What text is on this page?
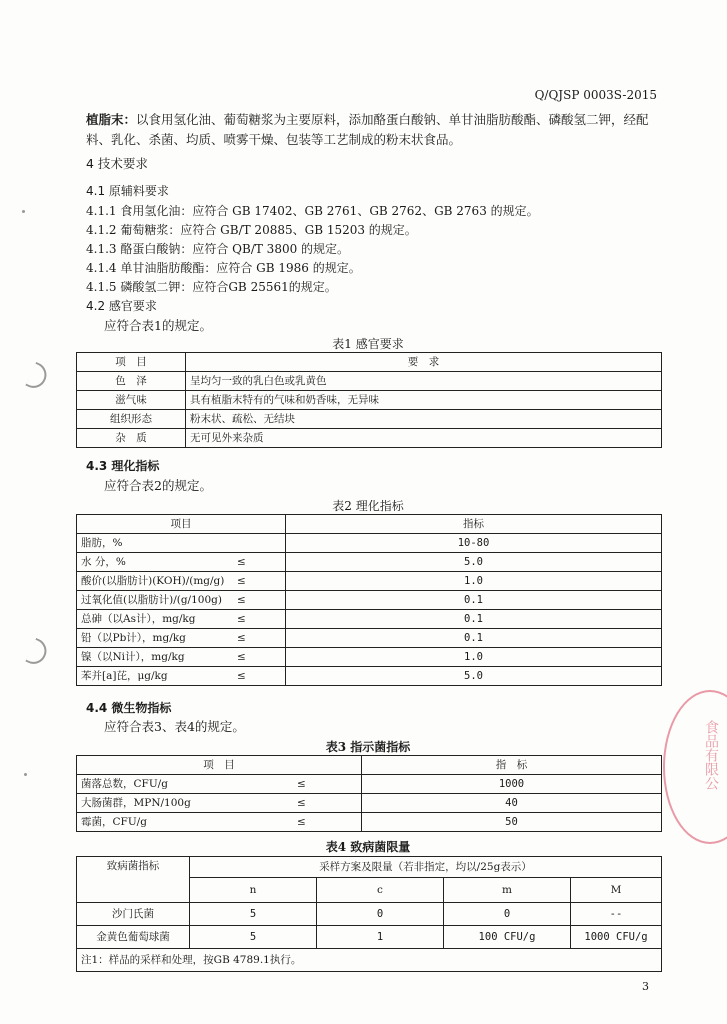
Q/QJSP 0003S-2015
植脂末：以食用氢化油、葡萄糖浆为主要原料，添加酪蛋白酸钠、单甘油脂肪酸酯、磷酸氢二钾，经配料、乳化、杀菌、均质、喷雾干燥、包装等工艺制成的粉末状食品。
4 技术要求
4.1 原辅料要求
4.1.1 食用氢化油：应符合 GB 17402、GB 2761、GB 2762、GB 2763 的规定。
4.1.2 葡萄糖浆：应符合 GB/T 20885、GB 15203 的规定。
4.1.3 酪蛋白酸钠：应符合 QB/T 3800 的规定。
4.1.4 单甘油脂肪酸酯：应符合 GB 1986 的规定。
4.1.5 磷酸氢二钾：应符合GB 25561的规定。
4.2 感官要求
应符合表1的规定。
表1 感官要求
项　目	要　求
色　泽	呈均匀一致的乳白色或乳黄色
滋气味	具有植脂末特有的气味和奶香味，无异味
组织形态	粉末状、疏松、无结块
杂　质	无可见外来杂质
4.3 理化指标
应符合表2的规定。
表2 理化指标
项目	指标
脂肪，%	10-80
水 分，% ≤	5.0
酸价(以脂肪计)(KOH)/(mg/g) ≤	1.0
过氧化值(以脂肪计)/(g/100g) ≤	0.1
总砷（以As计），mg/kg ≤	0.1
铅（以Pb计），mg/kg ≤	0.1
镍（以Ni计），mg/kg ≤	1.0
苯并[a]芘，μg/kg ≤	5.0
4.4 微生物指标
应符合表3、表4的规定。
表3 指示菌指标
项　目	指　标
菌落总数，CFU/g ≤	1000
大肠菌群，MPN/100g ≤	40
霉菌，CFU/g ≤	50
表4 致病菌限量
致病菌指标	采样方案及限量（若非指定，均以/25g表示）			
	n	c	m	M
沙门氏菌	5	0	0	--
金黄色葡萄球菌	5	1	100 CFU/g	1000 CFU/g
注1：样品的采样和处理，按GB 4789.1执行。				
3
食品有限公
